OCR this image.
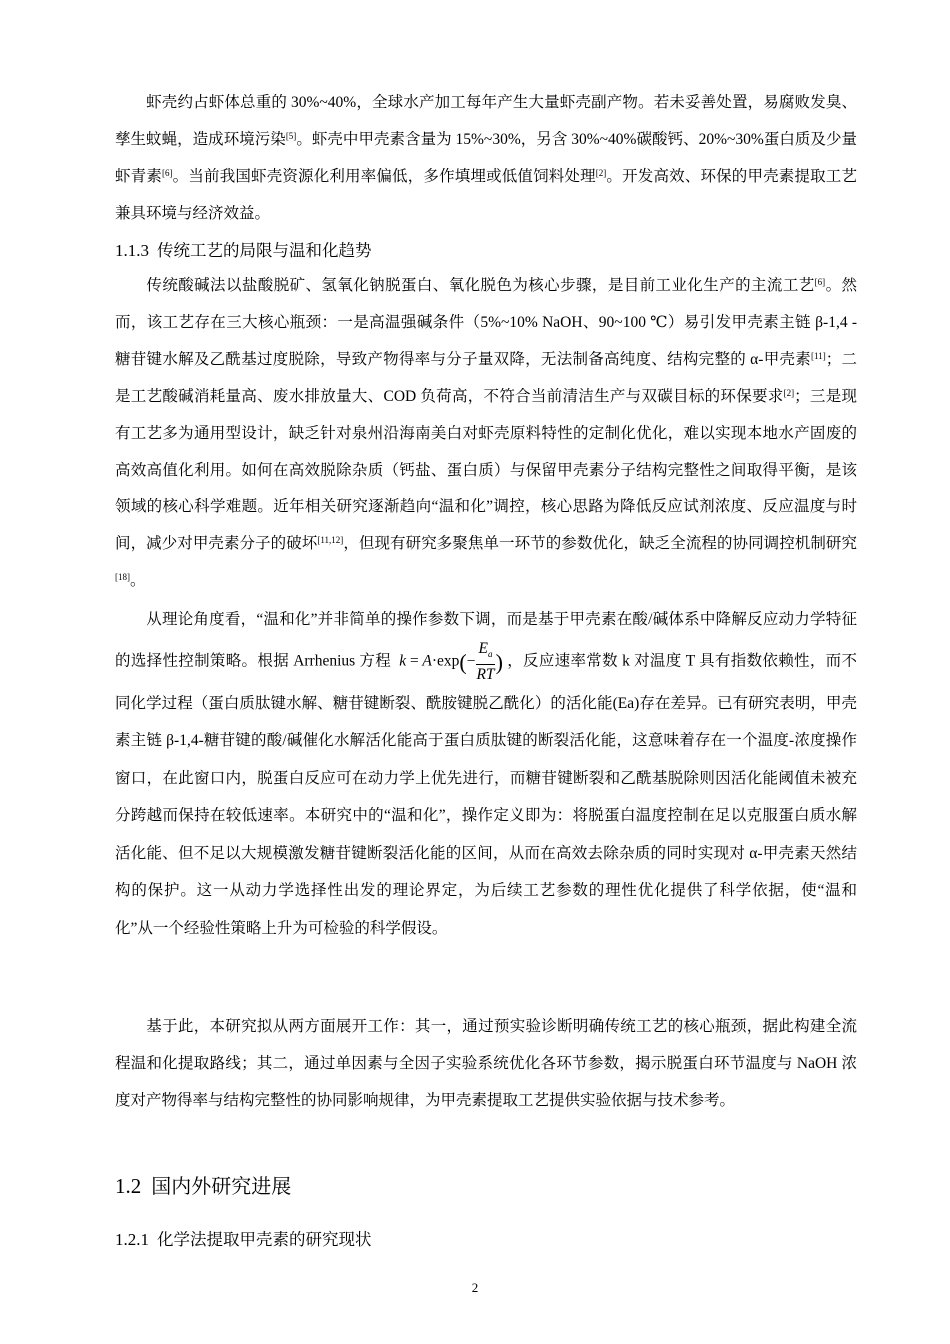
虾壳约占虾体总重的 30%~40%，全球水产加工每年产生大量虾壳副产物。若未妥善处置，易腐败发臭、孳生蚊蝇，造成环境污染[5]。虾壳中甲壳素含量为 15%~30%，另含 30%~40%碳酸钙、20%~30%蛋白质及少量虾青素[6]。当前我国虾壳资源化利用率偏低，多作填埋或低值饲料处理[2]。开发高效、环保的甲壳素提取工艺兼具环境与经济效益。
1.1.3 传统工艺的局限与温和化趋势
传统酸碱法以盐酸脱矿、氢氧化钠脱蛋白、氧化脱色为核心步骤，是目前工业化生产的主流工艺[6]。然而，该工艺存在三大核心瓶颈：一是高温强碱条件（5%~10% NaOH、90~100 ℃）易引发甲壳素主链 β-1,4 -糖苷键水解及乙酰基过度脱除，导致产物得率与分子量双降，无法制备高纯度、结构完整的 α-甲壳素[11]；二是工艺酸碱消耗量高、废水排放量大、COD 负荷高，不符合当前清洁生产与双碳目标的环保要求[2]；三是现有工艺多为通用型设计，缺乏针对泉州沿海南美白对虾壳原料特性的定制化优化，难以实现本地水产固废的高效高值化利用。如何在高效脱除杂质（钙盐、蛋白质）与保留甲壳素分子结构完整性之间取得平衡，是该领域的核心科学难题。近年相关研究逐渐趋向“温和化”调控，核心思路为降低反应试剂浓度、反应温度与时间，减少对甲壳素分子的破坏[11,12]，但现有研究多聚焦单一环节的参数优化，缺乏全流程的协同调控机制研究[18]。
从理论角度看，“温和化”并非简单的操作参数下调，而是基于甲壳素在酸/碱体系中降解反应动力学特征的选择性控制策略。根据 Arrhenius 方程 $k = A\cdot\exp(- \frac{E_a}{RT}$ ) ，反应速率常数 k 对温度 T 具有指数依赖性，而不同化学过程（蛋白质肽键水解、糖苷键断裂、酰胺键脱乙酰化）的活化能(Ea)存在差异。已有研究表明，甲壳素主链 β-1,4-糖苷键的酸/碱催化水解活化能高于蛋白质肽键的断裂活化能，这意味着存在一个温度-浓度操作窗口，在此窗口内，脱蛋白反应可在动力学上优先进行，而糖苷键断裂和乙酰基脱除则因活化能阈值未被充分跨越而保持在较低速率。本研究中的“温和化”，操作定义即为：将脱蛋白温度控制在足以克服蛋白质水解活化能、但不足以大规模激发糖苷键断裂活化能的区间，从而在高效去除杂质的同时实现对 α-甲壳素天然结构的保护。这一从动力学选择性出发的理论界定，为后续工艺参数的理性优化提供了科学依据，使“温和化”从一个经验性策略上升为可检验的科学假设。
基于此，本研究拟从两方面展开工作：其一，通过预实验诊断明确传统工艺的核心瓶颈，据此构建全流程温和化提取路线；其二，通过单因素与全因子实验系统优化各环节参数，揭示脱蛋白环节温度与 NaOH 浓度对产物得率与结构完整性的协同影响规律，为甲壳素提取工艺提供实验依据与技术参考。
1.2 国内外研究进展
1.2.1 化学法提取甲壳素的研究现状
2
